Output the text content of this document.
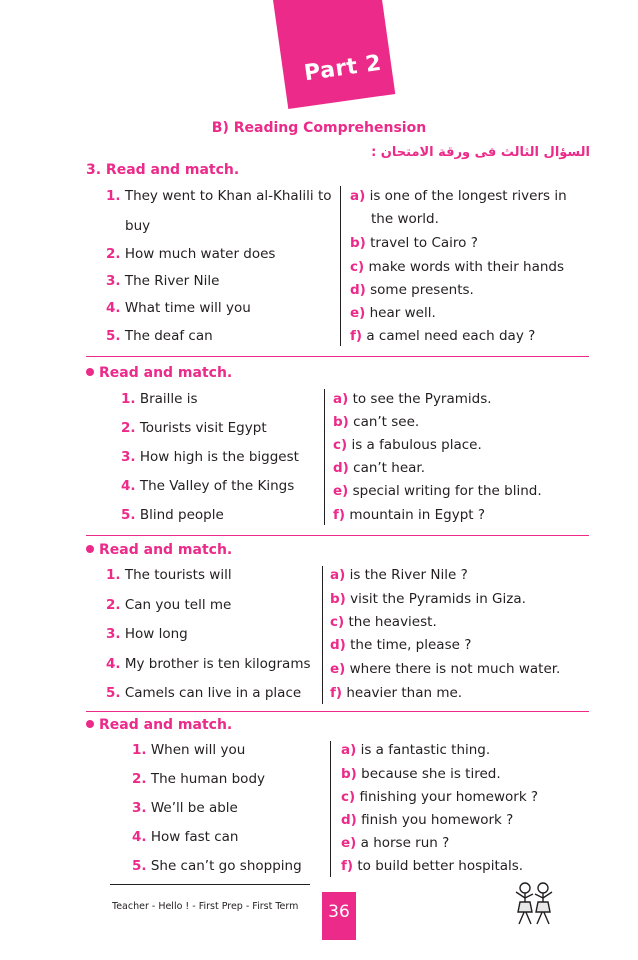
Part 2
B) Reading Comprehension
السؤال الثالث فى ورقة الامتحان :
3. Read and match.
1. They went to Khan al-Khalili to
buy
2. How much water does
3. The River Nile
4. What time will you
5. The deaf can
a) is one of the longest rivers in
the world.
b) travel to Cairo ?
c) make words with their hands
d) some presents.
e) hear well.
f) a camel need each day ?
Read and match.
1. Braille is
2. Tourists visit Egypt
3. How high is the biggest
4. The Valley of the Kings
5. Blind people
a) to see the Pyramids.
b) can’t see.
c) is a fabulous place.
d) can’t hear.
e) special writing for the blind.
f) mountain in Egypt ?
Read and match.
1. The tourists will
2. Can you tell me
3. How long
4. My brother is ten kilograms
5. Camels can live in a place
a) is the River Nile ?
b) visit the Pyramids in Giza.
c) the heaviest.
d) the time, please ?
e) where there is not much water.
f) heavier than me.
Read and match.
1. When will you
2. The human body
3. We’ll be able
4. How fast can
5. She can’t go shopping
a) is a fantastic thing.
b) because she is tired.
c) finishing your homework ?
d) finish you homework ?
e) a horse run ?
f) to build better hospitals.
Teacher - Hello ! - First Prep - First Term	36
